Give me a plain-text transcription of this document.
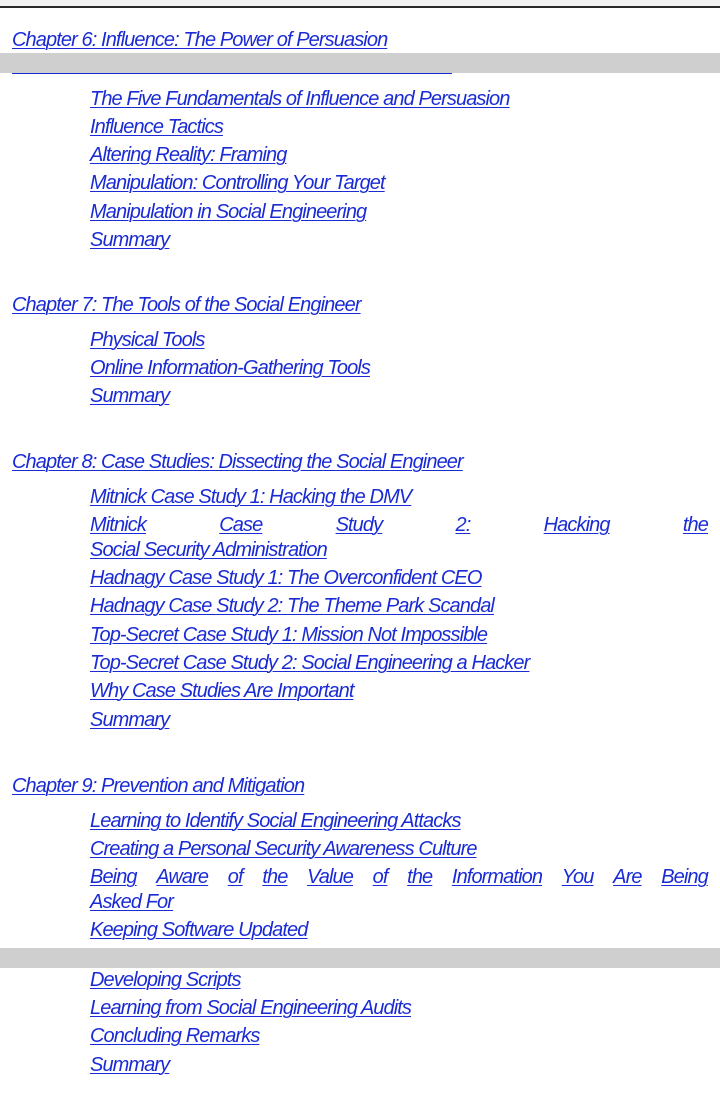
Chapter 6: Influence: The Power of Persuasion
The Five Fundamentals of Influence and Persuasion
Influence Tactics
Altering Reality: Framing
Manipulation: Controlling Your Target
Manipulation in Social Engineering
Summary
Chapter 7: The Tools of the Social Engineer
Physical Tools
Online Information-Gathering Tools
Summary
Chapter 8: Case Studies: Dissecting the Social Engineer
Mitnick Case Study 1: Hacking the DMV
Mitnick	Case	Study	2:	Hacking	the
Social Security Administration
Hadnagy Case Study 1: The Overconfident CEO
Hadnagy Case Study 2: The Theme Park Scandal
Top-Secret Case Study 1: Mission Not Impossible
Top-Secret Case Study 2: Social Engineering a Hacker
Why Case Studies Are Important
Summary
Chapter 9: Prevention and Mitigation
Learning to Identify Social Engineering Attacks
Creating a Personal Security Awareness Culture
Being Aware of the Value of the Information You Are Being
Asked For
Keeping Software Updated
Developing Scripts
Learning from Social Engineering Audits
Concluding Remarks
Summary
